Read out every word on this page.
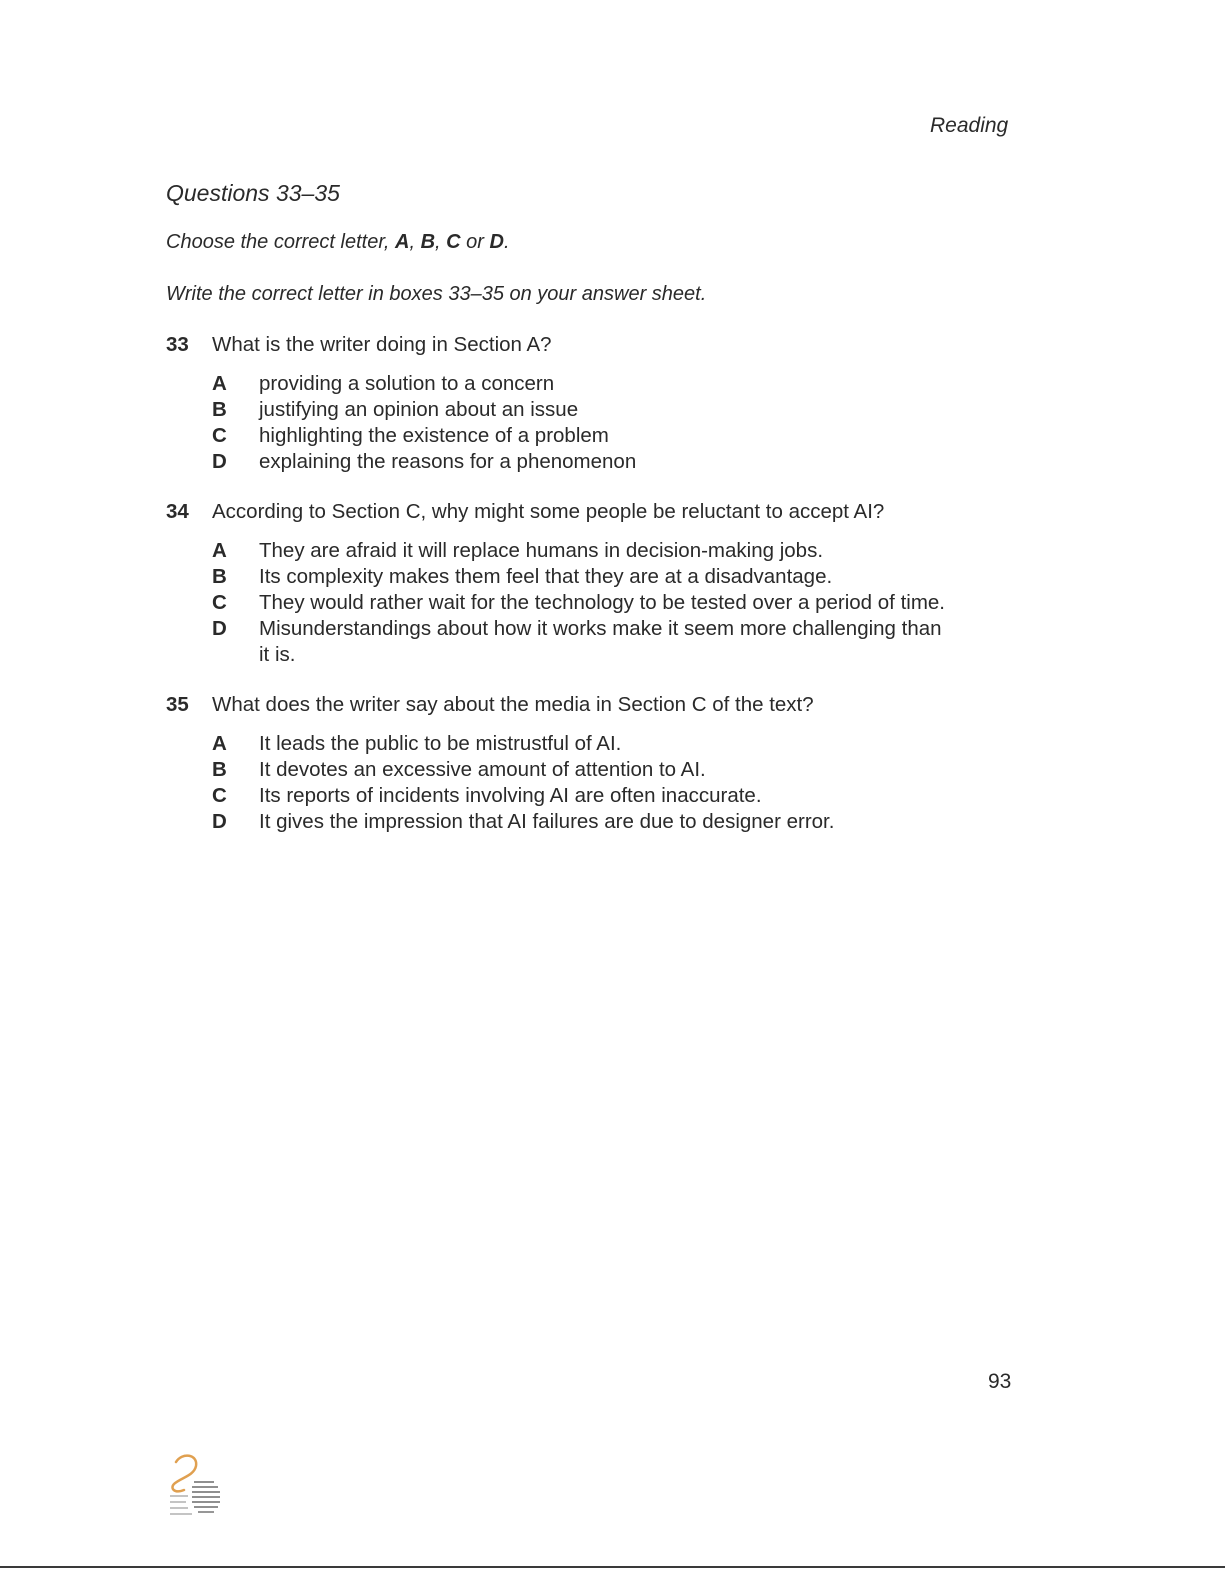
Reading
Questions 33–35
Choose the correct letter, A, B, C or D.
Write the correct letter in boxes 33–35 on your answer sheet.
33	What is the writer doing in Section A?
A	providing a solution to a concern
B	justifying an opinion about an issue
C	highlighting the existence of a problem
D	explaining the reasons for a phenomenon
34	According to Section C, why might some people be reluctant to accept AI?
A	They are afraid it will replace humans in decision-making jobs.
B	Its complexity makes them feel that they are at a disadvantage.
C	They would rather wait for the technology to be tested over a period of time.
D	Misunderstandings about how it works make it seem more challenging than it is.
35	What does the writer say about the media in Section C of the text?
A	It leads the public to be mistrustful of AI.
B	It devotes an excessive amount of attention to AI.
C	Its reports of incidents involving AI are often inaccurate.
D	It gives the impression that AI failures are due to designer error.
93
